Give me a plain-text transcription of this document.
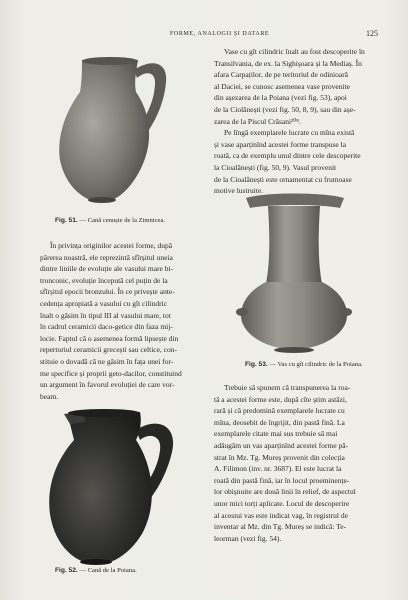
FORME, ANALOGII ȘI DATARE	125
Fig. 51. — Cană cenușie de la Zimnicea.
În privința originilor acestei forme, după
părerea noastră, ele reprezintă sfîrșitul uneia
dintre liniile de evoluție ale vasului mare bi-
tronconic, evoluție începută cel puțin de la
sfîrșitul epocii bronzului. În ce privește ante-
cedența apropiată a vasului cu gît cilindric
înalt o găsim în tipul III al vasului mare, tot
în cadrul ceramicii daco-getice din faza mij-
locie. Faptul că o asemenea formă lipsește din
repertoriul ceramicii grecești sau celtice, con-
stituie o dovadă că ne găsim în fața unei for-
me specifice și proprii geto-dacilor, constituind
un argument în favorul evoluției de care vor-
beam.
Fig. 52. — Cană de la Poiana.
Vase cu gît cilindric înalt au fost descoperite în
Transilvania, de ex. la Sighișoara și la Mediaș. În
afara Carpaților, de pe teritoriul de odinioară
al Daciei, se cunosc asemenea vase provenite
din așezarea de la Poiana (vezi fig. 53), apoi
de la Ciolănești (vezi fig. 50, 8, 9), sau din așe-
zarea de la Piscul Crăsani²⁰⁸.
Pe lîngă exemplarele lucrate cu mîna există
și vase aparținînd acestei forme transpuse la
roată, ca de exemplu unul dintre cele descoperite
la Cioalănești (fig. 50, 9). Vasul provenit
de la Cioalănești este ornamentat cu frumoase
motive lustruite.
Fig. 53. — Vas cu gît cilindric de la Poiana.
Trebuie să spunem că transpunerea la roa-
tă a acestei forme este, după cîte știm astăzi,
rară și că predomină exemplarele lucrate cu
mîna, deosebit de îngrijit, din pastă fină. La
exemplarele citate mai sus trebuie să mai
adăugăm un vas aparținînd acestei forme pă-
strat în Mz. Tg. Mureș provenit din colecția
A. Filimon (inv. nr. 3687). El este lucrat la
roată din pastă fină, iar în locul proeminențe-
lor obișnuite are două linii în relief, de aspectul
unor mici torți aplicate. Locul de descoperire
al acestui vas este indicat vag, în registrul de
inventar al Mz. din Tg. Mureș se indică: Te-
leorman (vezi fig. 54).
